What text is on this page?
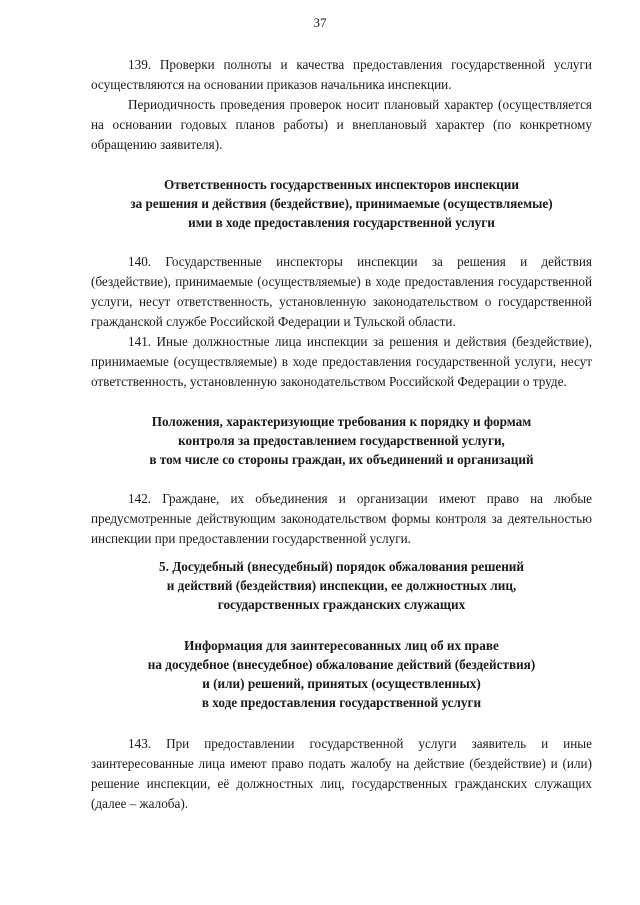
37

139. Проверки полноты и качества предоставления государственной услуги осуществляются на основании приказов начальника инспекции.

Периодичность проведения проверок носит плановый характер (осуществляется на основании годовых планов работы) и внеплановый характер (по конкретному обращению заявителя).

Ответственность государственных инспекторов инспекции
за решения и действия (бездействие), принимаемые (осуществляемые)
ими в ходе предоставления государственной услуги

140. Государственные инспекторы инспекции за решения и действия (бездействие), принимаемые (осуществляемые) в ходе предоставления государственной услуги, несут ответственность, установленную законодательством о государственной гражданской службе Российской Федерации и Тульской области.

141. Иные должностные лица инспекции за решения и действия (бездействие), принимаемые (осуществляемые) в ходе предоставления государственной услуги, несут ответственность, установленную законодательством Российской Федерации о труде.

Положения, характеризующие требования к порядку и формам
контроля за предоставлением государственной услуги,
в том числе со стороны граждан, их объединений и организаций

142. Граждане, их объединения и организации имеют право на любые предусмотренные действующим законодательством формы контроля за деятельностью инспекции при предоставлении государственной услуги.

5. Досудебный (внесудебный) порядок обжалования решений
и действий (бездействия) инспекции, ее должностных лиц,
государственных гражданских служащих
Информация для заинтересованных лиц об их праве
на досудебное (внесудебное) обжалование действий (бездействия)
и (или) решений, принятых (осуществленных)
в ходе предоставления государственной услуги

143. При предоставлении государственной услуги заявитель и иные заинтересованные лица имеют право подать жалобу на действие (бездействие) и (или) решение инспекции, её должностных лиц, государственных гражданских служащих (далее – жалоба).
